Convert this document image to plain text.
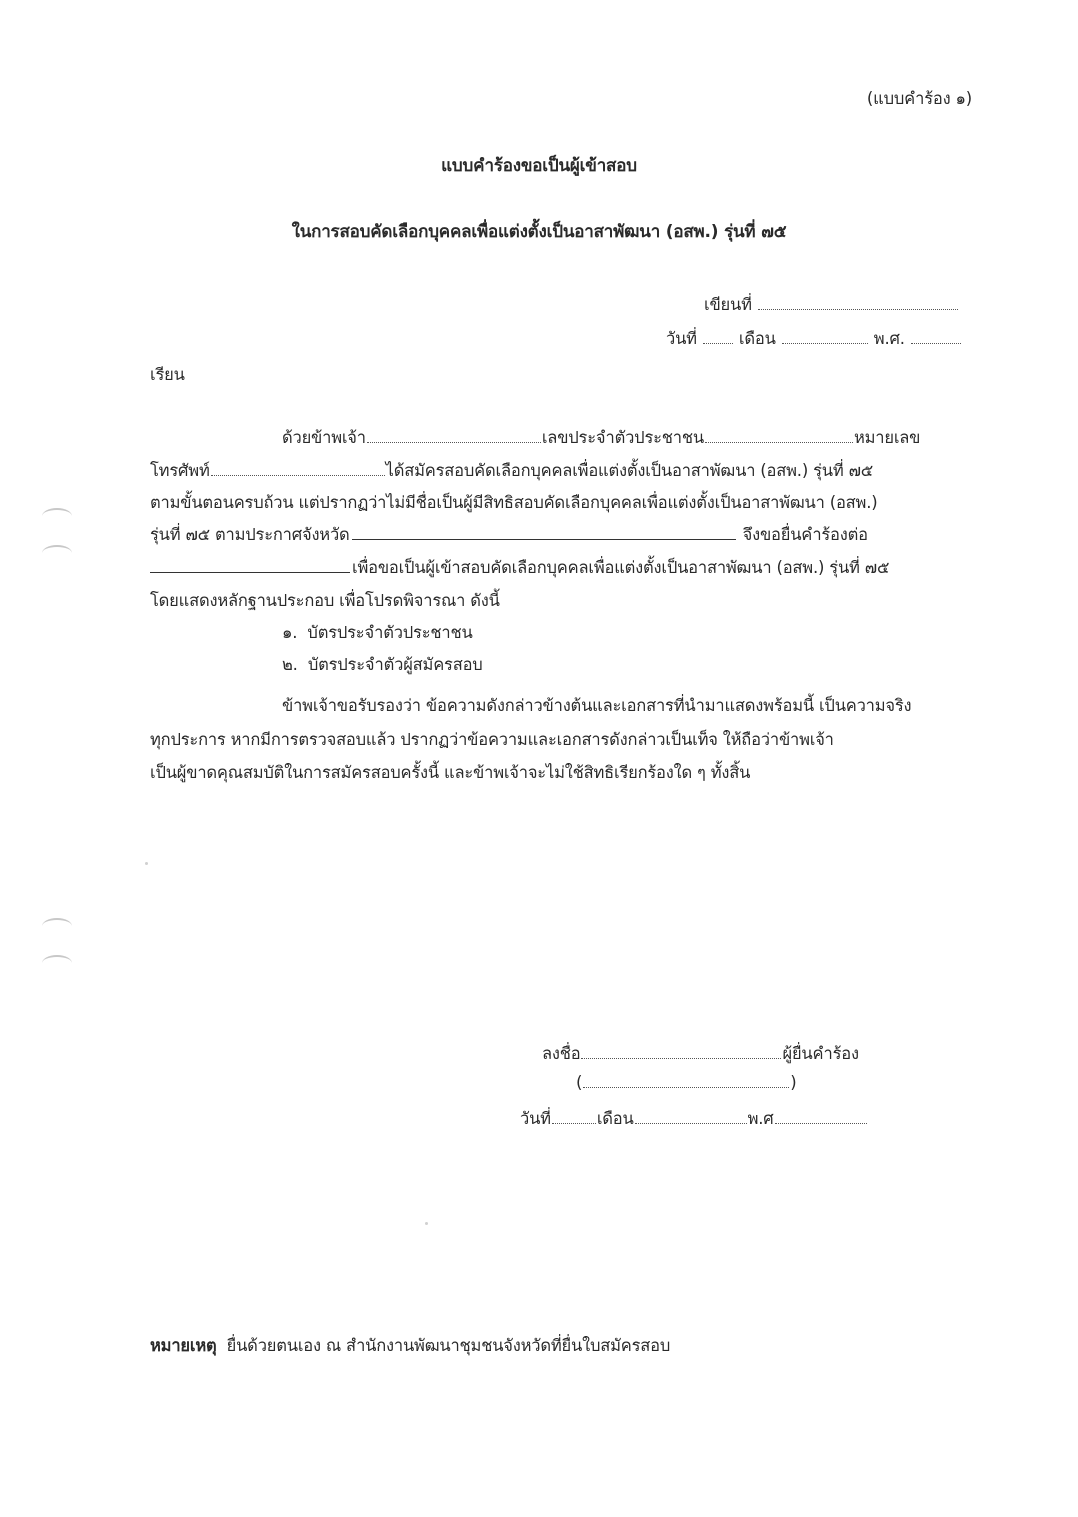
(แบบคำร้อง ๑)
แบบคำร้องขอเป็นผู้เข้าสอบ
ในการสอบคัดเลือกบุคคลเพื่อแต่งตั้งเป็นอาสาพัฒนา (อสพ.) รุ่นที่ ๗๕
เขียนที่
วันที่	เดือน	พ.ศ.
เรียน
ด้วยข้าพเจ้า	เลขประจำตัวประชาชน	หมายเลข
โทรศัพท์	ได้สมัครสอบคัดเลือกบุคคลเพื่อแต่งตั้งเป็นอาสาพัฒนา (อสพ.) รุ่นที่ ๗๕
ตามขั้นตอนครบถ้วน แต่ปรากฏว่าไม่มีชื่อเป็นผู้มีสิทธิสอบคัดเลือกบุคคลเพื่อแต่งตั้งเป็นอาสาพัฒนา (อสพ.)
รุ่นที่ ๗๕ ตามประกาศจังหวัด	จึงขอยื่นคำร้องต่อ
เพื่อขอเป็นผู้เข้าสอบคัดเลือกบุคคลเพื่อแต่งตั้งเป็นอาสาพัฒนา (อสพ.) รุ่นที่ ๗๕
โดยแสดงหลักฐานประกอบ เพื่อโปรดพิจารณา ดังนี้
๑. บัตรประจำตัวประชาชน
๒. บัตรประจำตัวผู้สมัครสอบ
ข้าพเจ้าขอรับรองว่า ข้อความดังกล่าวข้างต้นและเอกสารที่นำมาแสดงพร้อมนี้ เป็นความจริง
ทุกประการ หากมีการตรวจสอบแล้ว ปรากฏว่าข้อความและเอกสารดังกล่าวเป็นเท็จ ให้ถือว่าข้าพเจ้า
เป็นผู้ขาดคุณสมบัติในการสมัครสอบครั้งนี้ และข้าพเจ้าจะไม่ใช้สิทธิเรียกร้องใด ๆ ทั้งสิ้น
ลงชื่อ	ผู้ยื่นคำร้อง
(	)
วันที่	เดือน	พ.ศ
หมายเหตุ ยื่นด้วยตนเอง ณ สำนักงานพัฒนาชุมชนจังหวัดที่ยื่นใบสมัครสอบ
